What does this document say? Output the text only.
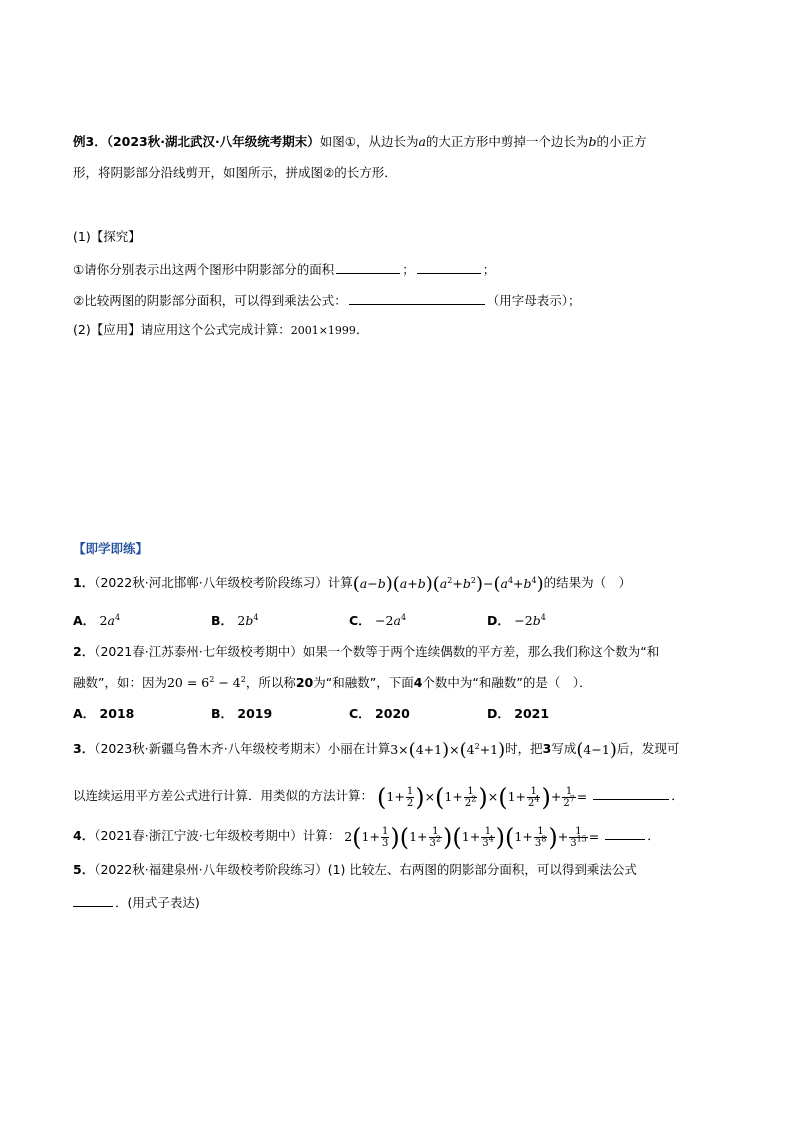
例3．（2023秋·湖北武汉·八年级统考期末）如图①，从边长为a的大正方形中剪掉一个边长为b的小正方
形，将阴影部分沿线剪开，如图所示，拼成图②的长方形．
(1)【探究】
①请你分别表示出这两个图形中阴影部分的面积	；	；
②比较两图的阴影部分面积，可以得到乘法公式：	（用字母表示）；
(2)【应用】请应用这个公式完成计算：2001×1999．
【即学即练】
1．（2022秋·河北邯郸·八年级校考阶段练习）计算$(a-b)(a+b)(a^2+b^2)-(a^4+b^4)$的结果为（　）
A． $2a^4$	B． $2b^4$	C． $-2a^4$	D． $-2b^4$
2．（2021春·江苏泰州·七年级校考期中）如果一个数等于两个连续偶数的平方差，那么我们称这个数为“和
融数”，如：因为$20 = 6^2 - 4^2$，所以称20为“和融数”，下面4个数中为“和融数”的是（　）．
A． 2018	B． 2019	C． 2020	D． 2021
3．（2023秋·新疆乌鲁木齐·八年级校考期末）小丽在计算$3\times(4+1)\times(4^2+1)$时，把3写成(4−1)后，发现可
以连续运用平方差公式进行计算．用类似的方法计算： $(1+ \frac{1}{2} )\times(1+ \frac{1}{2^2} )\times(1+ \frac{1}{2^4}$ )+ $\frac{1}{2^7}$ =	．
4．（2021春·浙江宁波·七年级校考期中）计算： $2(1+ \frac{1}{3} )(1+ \frac{1}{3^2} )(1+ \frac{1}{3^4} )(1+ \frac{1}{3^8}$ )+ $\frac{1}{3^{15}}$ =	．
5．（2022秋·福建泉州·八年级校考阶段练习）(1) 比较左、右两图的阴影部分面积，可以得到乘法公式
．(用式子表达)
